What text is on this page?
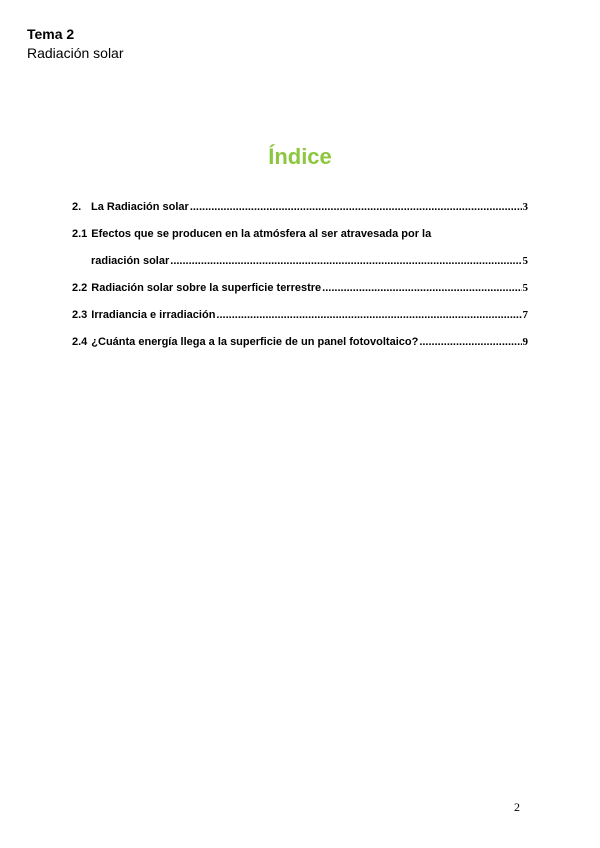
Tema 2
Radiación solar
Índice
2. La Radiación solar .....	3
2.1 Efectos que se producen en la atmósfera al ser atravesada por la
radiación solar .....	5
2.2 Radiación solar sobre la superficie terrestre .....	5
2.3 Irradiancia e irradiación .....	7
2.4 ¿Cuánta energía llega a la superficie de un panel fotovoltaico? .....	9
2
